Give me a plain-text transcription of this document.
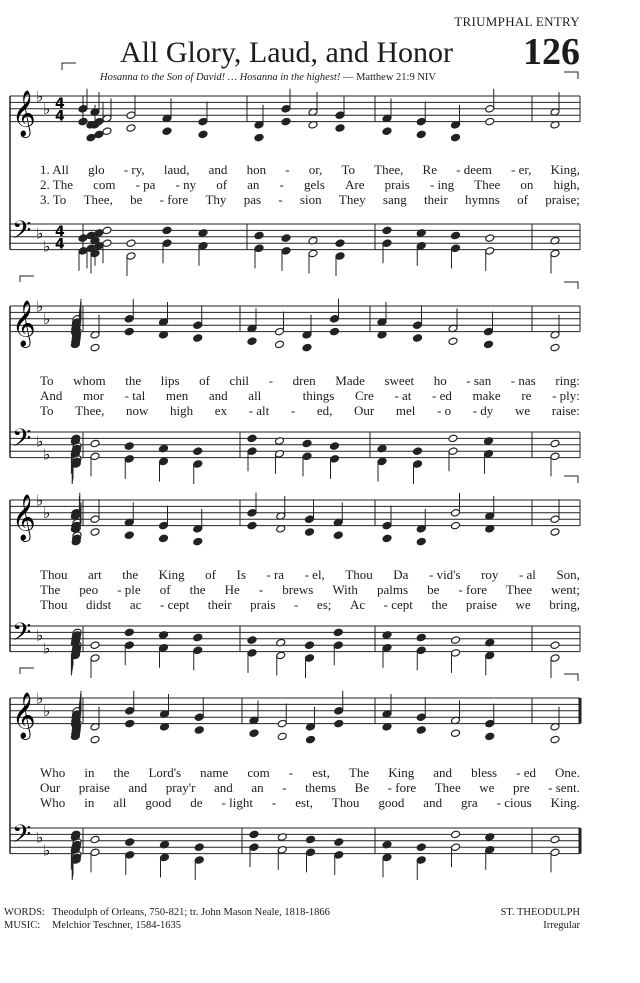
TRIUMPHAL ENTRY
All Glory, Laud, and Honor 126
Hosanna to the Son of David! … Hosanna in the highest! — Matthew 21:9 NIV
𝄞 ♭
♭ 4
4
𝄢 ♭
♭
4
4
𝄞 ♭
♭
𝄢 ♭
♭
𝄞 ♭
♭
𝄢 ♭
♭
𝄞 ♭
♭
𝄢 ♭
♭
1. All glo - ry, laud, and hon - or, To Thee, Re - deem - er, King,
2. The com - pa - ny of an - gels Are prais - ing Thee on high,
3. To Thee, be - fore Thy pas - sion They sang their hymns of praise;
To whom the lips of chil - dren Made sweet ho - san - nas ring:
And mor - tal men and all	things Cre - at - ed make re - ply:
To Thee, now high ex - alt - ed, Our mel - o - dy we raise:
Thou art the King of Is - ra - el, Thou Da - vid's roy - al Son,
The peo - ple of the He - brews With palms be - fore Thee went;
Thou didst ac - cept their prais - es; Ac - cept the praise we bring,
Who in the Lord's name com - est, The King and bless - ed One.
Our praise and pray'r and an - thems Be - fore Thee we pre - sent.
Who in all good de - light - est, Thou good and gra - cious King.
WORDS: Theodulph of Orleans, 750-821; tr. John Mason Neale, 1818-1866
MUSIC: Melchior Teschner, 1584-1635
ST. THEODULPH
Irregular
